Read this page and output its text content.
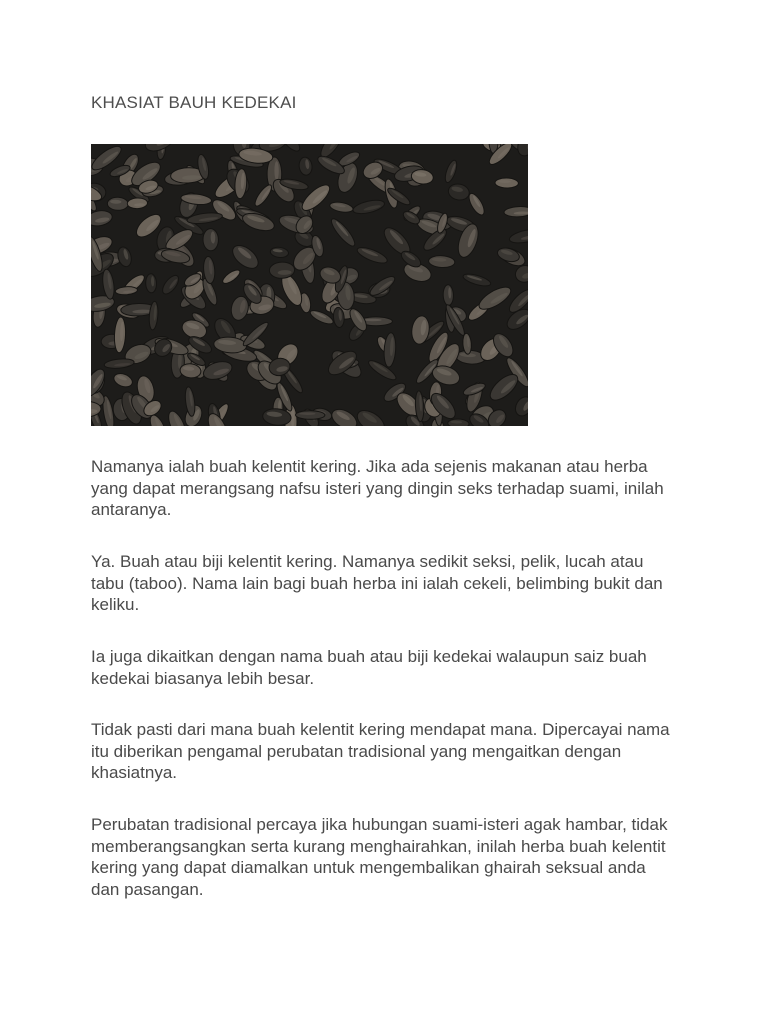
KHASIAT BAUH KEDEKAI

Namanya ialah buah kelentit kering. Jika ada sejenis makanan atau herba yang dapat merangsang nafsu isteri yang dingin seks terhadap suami, inilah antaranya.

Ya. Buah atau biji kelentit kering. Namanya sedikit seksi, pelik, lucah atau tabu (taboo). Nama lain bagi buah herba ini ialah cekeli, belimbing bukit dan keliku.

Ia juga dikaitkan dengan nama buah atau biji kedekai walaupun saiz buah kedekai biasanya lebih besar.

Tidak pasti dari mana buah kelentit kering mendapat mana. Dipercayai nama itu diberikan pengamal perubatan tradisional yang mengaitkan dengan khasiatnya.

Perubatan tradisional percaya jika hubungan suami-isteri agak hambar, tidak memberangsangkan serta kurang menghairahkan, inilah herba buah kelentit kering yang dapat diamalkan untuk mengembalikan ghairah seksual anda dan pasangan.
